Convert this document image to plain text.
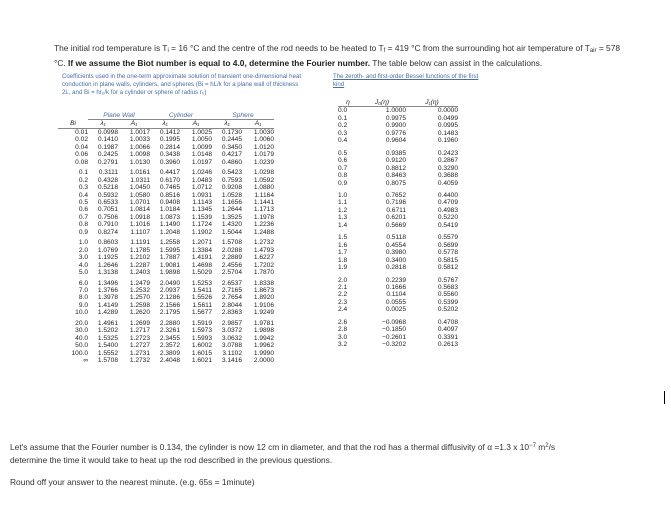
The initial rod temperature is Ti = 16 °C and the centre of the rod needs to be heated to Tf = 419 °C from the surrounding hot air temperature of Tair = 578
°C. If we assume the Biot number is equal to 4.0, determine the Fourier number. The table below can assist in the calculations.
Coefficients used in the one-term approximate solution of transient one-dimensional heat conduction in plane walls, cylinders, and spheres (Bi = hL/k for a plane wall of thickness 2L, and Bi = hr₀/k for a cylinder or sphere of radius r₀)
The zeroth- and first-order Bessel functions of the first kind
	Plane Wall		Cylinder		Sphere	
Bi	λ₁	A₁	λ₁	A₁	λ₁	A₁
0.01	0.0998	1.0017	0.1412	1.0025	0.1730	1.0030
0.02	0.1410	1.0033	0.1995	1.0050	0.2445	1.0060
0.04	0.1987	1.0066	0.2814	1.0099	0.3450	1.0120
0.06	0.2425	1.0098	0.3438	1.0148	0.4217	1.0179
0.08	0.2791	1.0130	0.3960	1.0197	0.4860	1.0239
0.1	0.3111	1.0161	0.4417	1.0246	0.5423	1.0298
0.2	0.4328	1.0311	0.6170	1.0483	0.7593	1.0592
0.3	0.5218	1.0450	0.7465	1.0712	0.9208	1.0880
0.4	0.5932	1.0580	0.8516	1.0931	1.0528	1.1164
0.5	0.6533	1.0701	0.9408	1.1143	1.1656	1.1441
0.6	0.7051	1.0814	1.0184	1.1345	1.2644	1.1713
0.7	0.7506	1.0918	1.0873	1.1539	1.3525	1.1978
0.8	0.7910	1.1016	1.1490	1.1724	1.4320	1.2236
0.9	0.8274	1.1107	1.2048	1.1902	1.5044	1.2488
1.0	0.8603	1.1191	1.2558	1.2071	1.5708	1.2732
2.0	1.0769	1.1785	1.5995	1.3384	2.0288	1.4793
3.0	1.1925	1.2102	1.7887	1.4191	2.2889	1.6227
4.0	1.2646	1.2287	1.9081	1.4698	2.4556	1.7202
5.0	1.3138	1.2403	1.9898	1.5029	2.5704	1.7870
6.0	1.3496	1.2479	2.0490	1.5253	2.6537	1.8338
7.0	1.3766	1.2532	2.0937	1.5411	2.7165	1.8673
8.0	1.3978	1.2570	2.1286	1.5526	2.7654	1.8920
9.0	1.4149	1.2598	2.1566	1.5611	2.8044	1.9106
10.0	1.4289	1.2620	2.1795	1.5677	2.8363	1.9249
20.0	1.4961	1.2699	2.2880	1.5919	2.9857	1.9781
30.0	1.5202	1.2717	2.3261	1.5973	3.0372	1.9898
40.0	1.5325	1.2723	2.3455	1.5993	3.0632	1.9942
50.0	1.5400	1.2727	2.3572	1.6002	3.0788	1.9962
100.0	1.5552	1.2731	2.3809	1.6015	3.1102	1.9990
∞	1.5708	1.2732	2.4048	1.6021	3.1416	2.0000
η	J₀(η)	J₁(η)
0.0	1.0000	0.0000
0.1	0.9975	0.0499
0.2	0.9900	0.0995
0.3	0.9776	0.1483
0.4	0.9604	0.1960
0.5	0.9385	0.2423
0.6	0.9120	0.2867
0.7	0.8812	0.3290
0.8	0.8463	0.3688
0.9	0.8075	0.4059
1.0	0.7652	0.4400
1.1	0.7196	0.4709
1.2	0.6711	0.4983
1.3	0.6201	0.5220
1.4	0.5669	0.5419
1.5	0.5118	0.5579
1.6	0.4554	0.5699
1.7	0.3980	0.5778
1.8	0.3400	0.5815
1.9	0.2818	0.5812
2.0	0.2239	0.5767
2.1	0.1666	0.5683
2.2	0.1104	0.5560
2.3	0.0555	0.5399
2.4	0.0025	0.5202
2.6	−0.0968	0.4708
2.8	−0.1850	0.4097
3.0	−0.2601	0.3391
3.2	−0.3202	0.2613

Let's assume that the Fourier number is 0.134, the cylinder is now 12 cm in diameter, and that the rod has a thermal diffusivity of α =1.3 x $10^{-7}$ $m^2/s$
determine the time it would take to heat up the rod described in the previous questions.

Round off your answer to the nearest minute. (e.g. 65s = 1minute)
